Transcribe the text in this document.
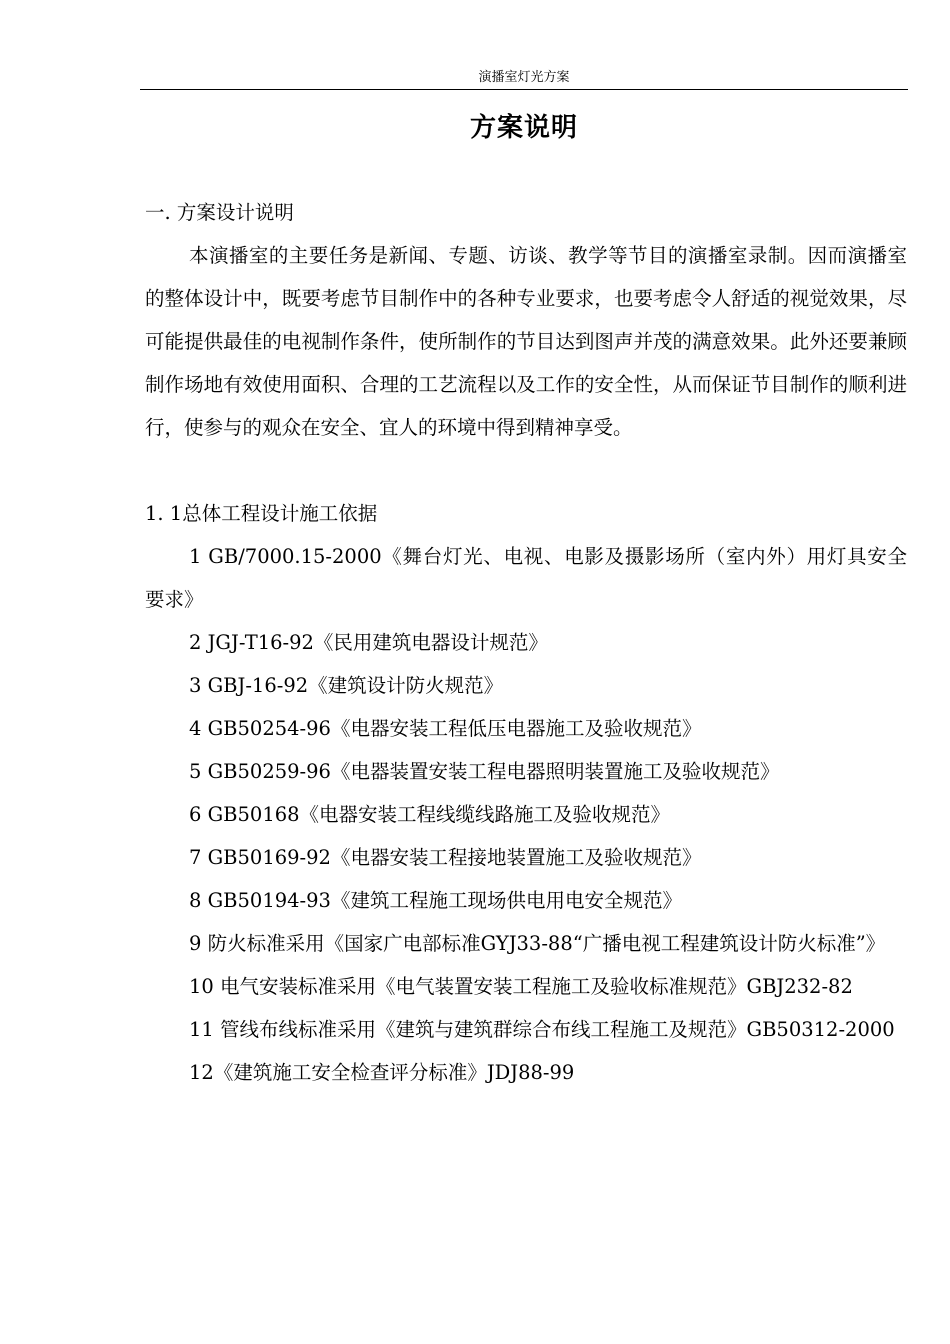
演播室灯光方案
方案说明

一. 方案设计说明

本演播室的主要任务是新闻、专题、访谈、教学等节目的演播室录制。因而演播室的整体设计中，既要考虑节目制作中的各种专业要求，也要考虑令人舒适的视觉效果，尽可能提供最佳的电视制作条件，使所制作的节目达到图声并茂的满意效果。此外还要兼顾制作场地有效使用面积、合理的工艺流程以及工作的安全性，从而保证节目制作的顺利进行，使参与的观众在安全、宜人的环境中得到精神享受。

1. 1总体工程设计施工依据

1 GB/7000.15-2000《舞台灯光、电视、电影及摄影场所（室内外）用灯具安全要求》

2 JGJ-T16-92《民用建筑电器设计规范》

3 GBJ-16-92《建筑设计防火规范》

4 GB50254-96《电器安装工程低压电器施工及验收规范》

5 GB50259-96《电器装置安装工程电器照明装置施工及验收规范》

6 GB50168《电器安装工程线缆线路施工及验收规范》

7 GB50169-92《电器安装工程接地装置施工及验收规范》

8 GB50194-93《建筑工程施工现场供电用电安全规范》

9 防火标准采用《国家广电部标准GYJ33-88“广播电视工程建筑设计防火标准”》

10 电气安装标准采用《电气装置安装工程施工及验收标准规范》GBJ232-82

11 管线布线标准采用《建筑与建筑群综合布线工程施工及规范》GB50312-2000

12《建筑施工安全检查评分标准》JDJ88-99
